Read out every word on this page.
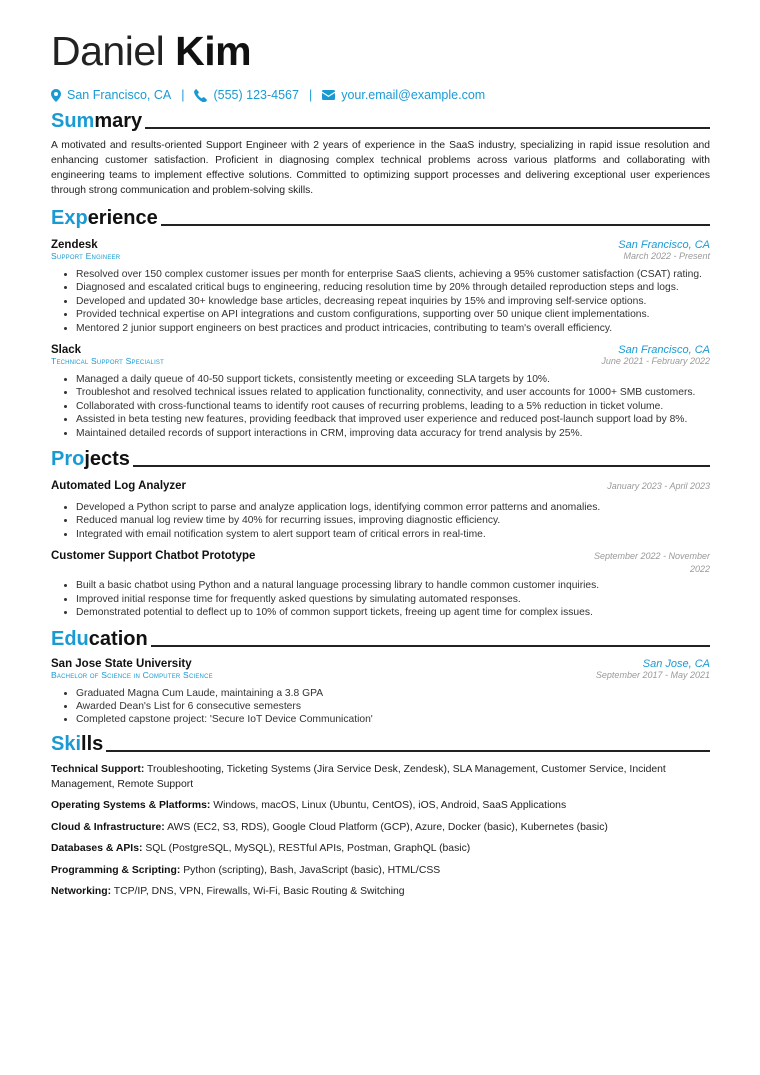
Daniel Kim
San Francisco, CA | (555) 123-4567 | your.email@example.com
Summary
A motivated and results-oriented Support Engineer with 2 years of experience in the SaaS industry, specializing in rapid issue resolution and enhancing customer satisfaction. Proficient in diagnosing complex technical problems across various platforms and collaborating with engineering teams to implement effective solutions. Committed to optimizing support processes and delivering exceptional user experiences through strong communication and problem-solving skills.
Experience
Zendesk	San Francisco, CA
Support Engineer	March 2022 - Present
• Resolved over 150 complex customer issues per month for enterprise SaaS clients, achieving a 95% customer satisfaction (CSAT) rating.
• Diagnosed and escalated critical bugs to engineering, reducing resolution time by 20% through detailed reproduction steps and logs.
• Developed and updated 30+ knowledge base articles, decreasing repeat inquiries by 15% and improving self-service options.
• Provided technical expertise on API integrations and custom configurations, supporting over 50 unique client implementations.
• Mentored 2 junior support engineers on best practices and product intricacies, contributing to team's overall efficiency.
Slack	San Francisco, CA
Technical Support Specialist	June 2021 - February 2022
• Managed a daily queue of 40-50 support tickets, consistently meeting or exceeding SLA targets by 10%.
• Troubleshot and resolved technical issues related to application functionality, connectivity, and user accounts for 1000+ SMB customers.
• Collaborated with cross-functional teams to identify root causes of recurring problems, leading to a 5% reduction in ticket volume.
• Assisted in beta testing new features, providing feedback that improved user experience and reduced post-launch support load by 8%.
• Maintained detailed records of support interactions in CRM, improving data accuracy for trend analysis by 25%.
Projects
Automated Log Analyzer	January 2023 - April 2023
• Developed a Python script to parse and analyze application logs, identifying common error patterns and anomalies.
• Reduced manual log review time by 40% for recurring issues, improving diagnostic efficiency.
• Integrated with email notification system to alert support team of critical errors in real-time.
Customer Support Chatbot Prototype	September 2022 - November
2022
• Built a basic chatbot using Python and a natural language processing library to handle common customer inquiries.
• Improved initial response time for frequently asked questions by simulating automated responses.
• Demonstrated potential to deflect up to 10% of common support tickets, freeing up agent time for complex issues.
Education
San Jose State University	San Jose, CA
Bachelor of Science in Computer Science	September 2017 - May 2021
• Graduated Magna Cum Laude, maintaining a 3.8 GPA
• Awarded Dean's List for 6 consecutive semesters
• Completed capstone project: 'Secure IoT Device Communication'
Skills
Technical Support: Troubleshooting, Ticketing Systems (Jira Service Desk, Zendesk), SLA Management, Customer Service, Incident Management, Remote Support
Operating Systems & Platforms: Windows, macOS, Linux (Ubuntu, CentOS), iOS, Android, SaaS Applications
Cloud & Infrastructure: AWS (EC2, S3, RDS), Google Cloud Platform (GCP), Azure, Docker (basic), Kubernetes (basic)
Databases & APIs: SQL (PostgreSQL, MySQL), RESTful APIs, Postman, GraphQL (basic)
Programming & Scripting: Python (scripting), Bash, JavaScript (basic), HTML/CSS
Networking: TCP/IP, DNS, VPN, Firewalls, Wi-Fi, Basic Routing & Switching
